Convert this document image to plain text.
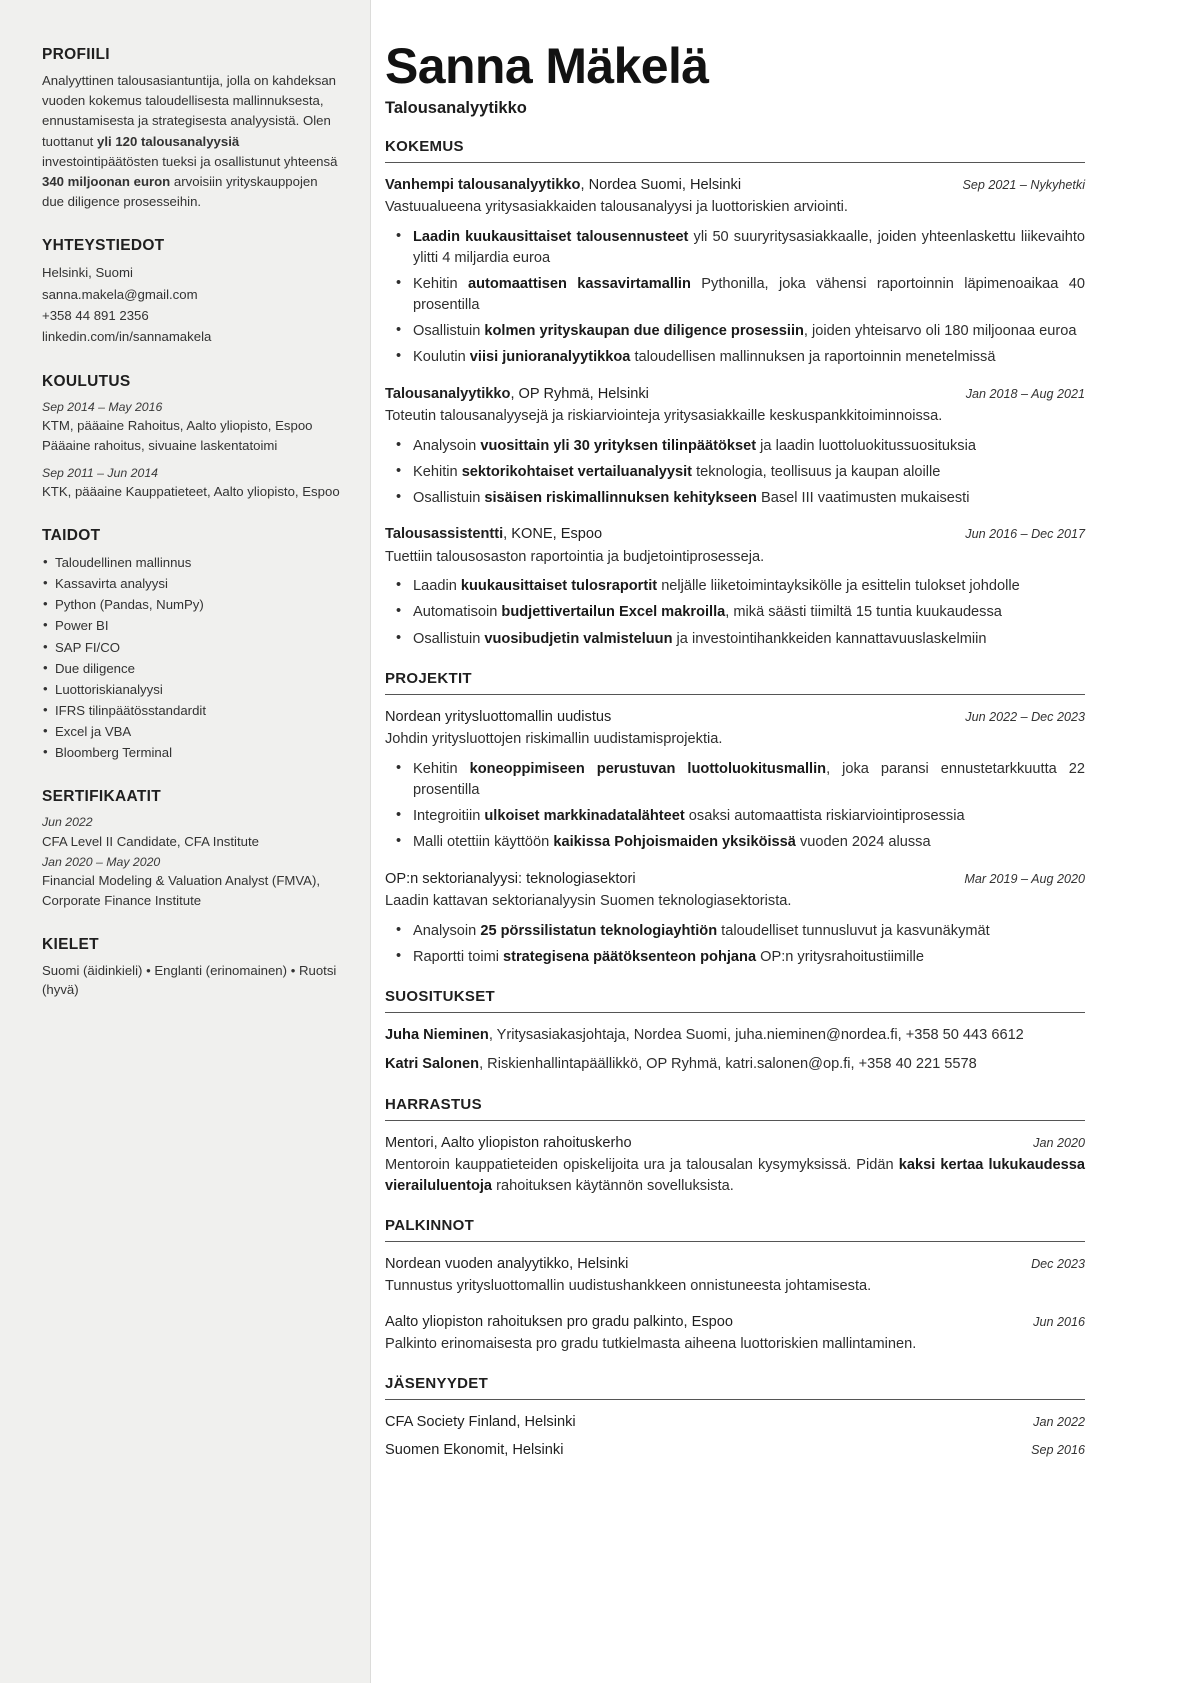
PROFIILI

Analyyttinen talousasiantuntija, jolla on kahdeksan vuoden kokemus taloudellisesta mallinnuksesta, ennustamisesta ja strategisesta analyysistä. Olen tuottanut yli 120 talousanalyysiä investointipäätösten tueksi ja osallistunut yhteensä 340 miljoonan euron arvoisiin yrityskauppojen due diligence prosesseihin.

YHTEYSTIEDOT
Helsinki, Suomi
sanna.makela@gmail.com
+358 44 891 2356
linkedin.com/in/sannamakela
KOULUTUS
Sep 2014 – May 2016
KTM, pääaine Rahoitus, Aalto yliopisto, Espoo
Pääaine rahoitus, sivuaine laskentatoimi
Sep 2011 – Jun 2014
KTK, pääaine Kauppatieteet, Aalto yliopisto, Espoo
TAIDOT
• Taloudellinen mallinnus
• Kassavirta analyysi
• Python (Pandas, NumPy)
• Power BI
• SAP FI/CO
• Due diligence
• Luottoriskianalyysi
• IFRS tilinpäätösstandardit
• Excel ja VBA
• Bloomberg Terminal
SERTIFIKAATIT
Jun 2022
CFA Level II Candidate, CFA Institute
Jan 2020 – May 2020
Financial Modeling & Valuation Analyst (FMVA), Corporate Finance Institute
KIELET
Suomi (äidinkieli) • Englanti (erinomainen) • Ruotsi (hyvä)
Sanna Mäkelä
Talousanalyytikko
KOKEMUS
Vanhempi talousanalyytikko, Nordea Suomi, Helsinki	Sep 2021 – Nykyhetki
Vastuualueena yritysasiakkaiden talousanalyysi ja luottoriskien arviointi.
• Laadin kuukausittaiset talousennusteet yli 50 suuryritysasiakkaalle, joiden yhteenlaskettu liikevaihto ylitti 4 miljardia euroa
• Kehitin automaattisen kassavirtamallin Pythonilla, joka vähensi raportoinnin läpimenoaikaa 40 prosentilla
• Osallistuin kolmen yrityskaupan due diligence prosessiin, joiden yhteisarvo oli 180 miljoonaa euroa
• Koulutin viisi junioranalyytikkoa taloudellisen mallinnuksen ja raportoinnin menetelmissä
Talousanalyytikko, OP Ryhmä, Helsinki	Jan 2018 – Aug 2021
Toteutin talousanalyysejä ja riskiarviointeja yritysasiakkaille keskuspankkitoiminnoissa.
• Analysoin vuosittain yli 30 yrityksen tilinpäätökset ja laadin luottoluokitussuosituksia
• Kehitin sektorikohtaiset vertailuanalyysit teknologia, teollisuus ja kaupan aloille
• Osallistuin sisäisen riskimallinnuksen kehitykseen Basel III vaatimusten mukaisesti
Talousassistentti, KONE, Espoo	Jun 2016 – Dec 2017
Tuettiin talousosaston raportointia ja budjetointiprosesseja.
• Laadin kuukausittaiset tulosraportit neljälle liiketoimintayksikölle ja esittelin tulokset johdolle
• Automatisoin budjettivertailun Excel makroilla, mikä säästi tiimiltä 15 tuntia kuukaudessa
• Osallistuin vuosibudjetin valmisteluun ja investointihankkeiden kannattavuuslaskelmiin
PROJEKTIT
Nordean yritysluottomallin uudistus	Jun 2022 – Dec 2023
Johdin yritysluottojen riskimallin uudistamisprojektia.
• Kehitin koneoppimiseen perustuvan luottoluokitusmallin, joka paransi ennustetarkkuutta 22 prosentilla
• Integroitiin ulkoiset markkinadatalähteet osaksi automaattista riskiarviointiprosessia
• Malli otettiin käyttöön kaikissa Pohjoismaiden yksiköissä vuoden 2024 alussa
OP:n sektorianalyysi: teknologiasektori	Mar 2019 – Aug 2020
Laadin kattavan sektorianalyysin Suomen teknologiasektorista.
• Analysoin 25 pörssilistatun teknologiayhtiön taloudelliset tunnusluvut ja kasvunäkymät
• Raportti toimi strategisena päätöksenteon pohjana OP:n yritysrahoitustiimille
SUOSITUKSET
Juha Nieminen, Yritysasiakasjohtaja, Nordea Suomi, juha.nieminen@nordea.fi, +358 50 443 6612
Katri Salonen, Riskienhallintapäällikkö, OP Ryhmä, katri.salonen@op.fi, +358 40 221 5578
HARRASTUS
Mentori, Aalto yliopiston rahoituskerho	Jan 2020
Mentoroin kauppatieteiden opiskelijoita ura ja talousalan kysymyksissä. Pidän kaksi kertaa lukukaudessa vierailuluentoja rahoituksen käytännön sovelluksista.
PALKINNOT
Nordean vuoden analyytikko, Helsinki	Dec 2023
Tunnustus yritysluottomallin uudistushankkeen onnistuneesta johtamisesta.
Aalto yliopiston rahoituksen pro gradu palkinto, Espoo	Jun 2016
Palkinto erinomaisesta pro gradu tutkielmasta aiheena luottoriskien mallintaminen.
JÄSENYYDET
CFA Society Finland, Helsinki	Jan 2022
Suomen Ekonomit, Helsinki	Sep 2016
